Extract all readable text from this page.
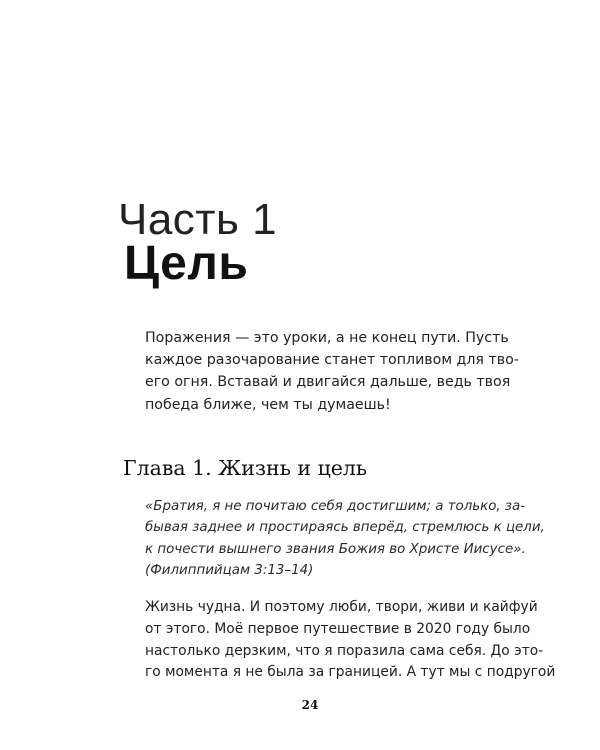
Часть 1
Цель
Поражения — это уроки, а не конец пути. Пусть
каждое разочарование станет топливом для тво-
его огня. Вставай и двигайся дальше, ведь твоя
победа ближе, чем ты думаешь!
Глава 1. Жизнь и цель
«Братия, я не почитаю себя достигшим; а только, за-
бывая заднее и простираясь вперёд, стремлюсь к цели,
к почести вышнего звания Божия во Христе Иисусе».
(Филиппийцам 3:13–14)
Жизнь чудна. И поэтому люби, твори, живи и кайфуй
от этого. Моё первое путешествие в 2020 году было
настолько дерзким, что я поразила сама себя. До это-
го момента я не была за границей. А тут мы с подругой
24
